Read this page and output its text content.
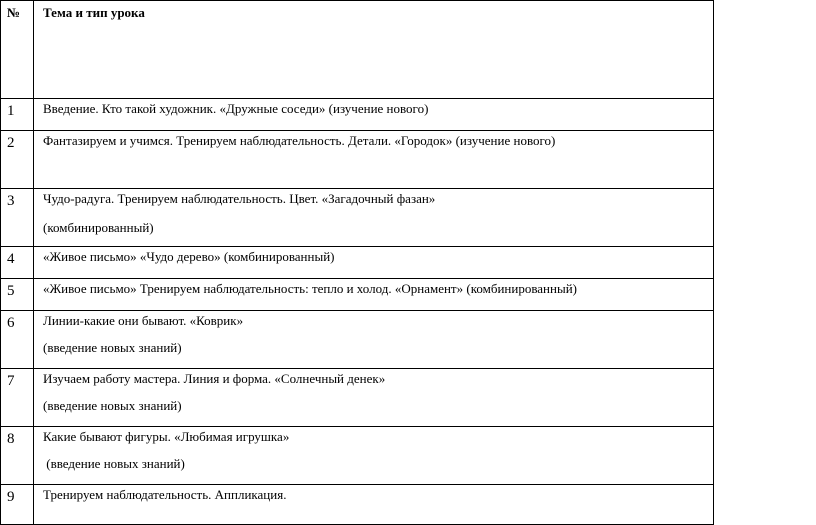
№	Тема и тип урока
1	Введение. Кто такой художник. «Дружные соседи» (изучение нового)

2	Фантазируем и учимся. Тренируем наблюдательность. Детали. «Городок» (изучение нового)

3	Чудо-радуга. Тренируем наблюдательность. Цвет. «Загадочный фазан»
(комбинированный)

4	«Живое письмо» «Чудо дерево» (комбинированный)

5	«Живое письмо» Тренируем наблюдательность: тепло и холод. «Орнамент» (комбинированный)

6	Линии-какие они бывают. «Коврик»
(введение новых знаний)

7	Изучаем работу мастера. Линия и форма. «Солнечный денек»
(введение новых знаний)

8	Какие бывают фигуры. «Любимая игрушка»
(введение новых знаний)

9	Тренируем наблюдательность. Аппликация.
